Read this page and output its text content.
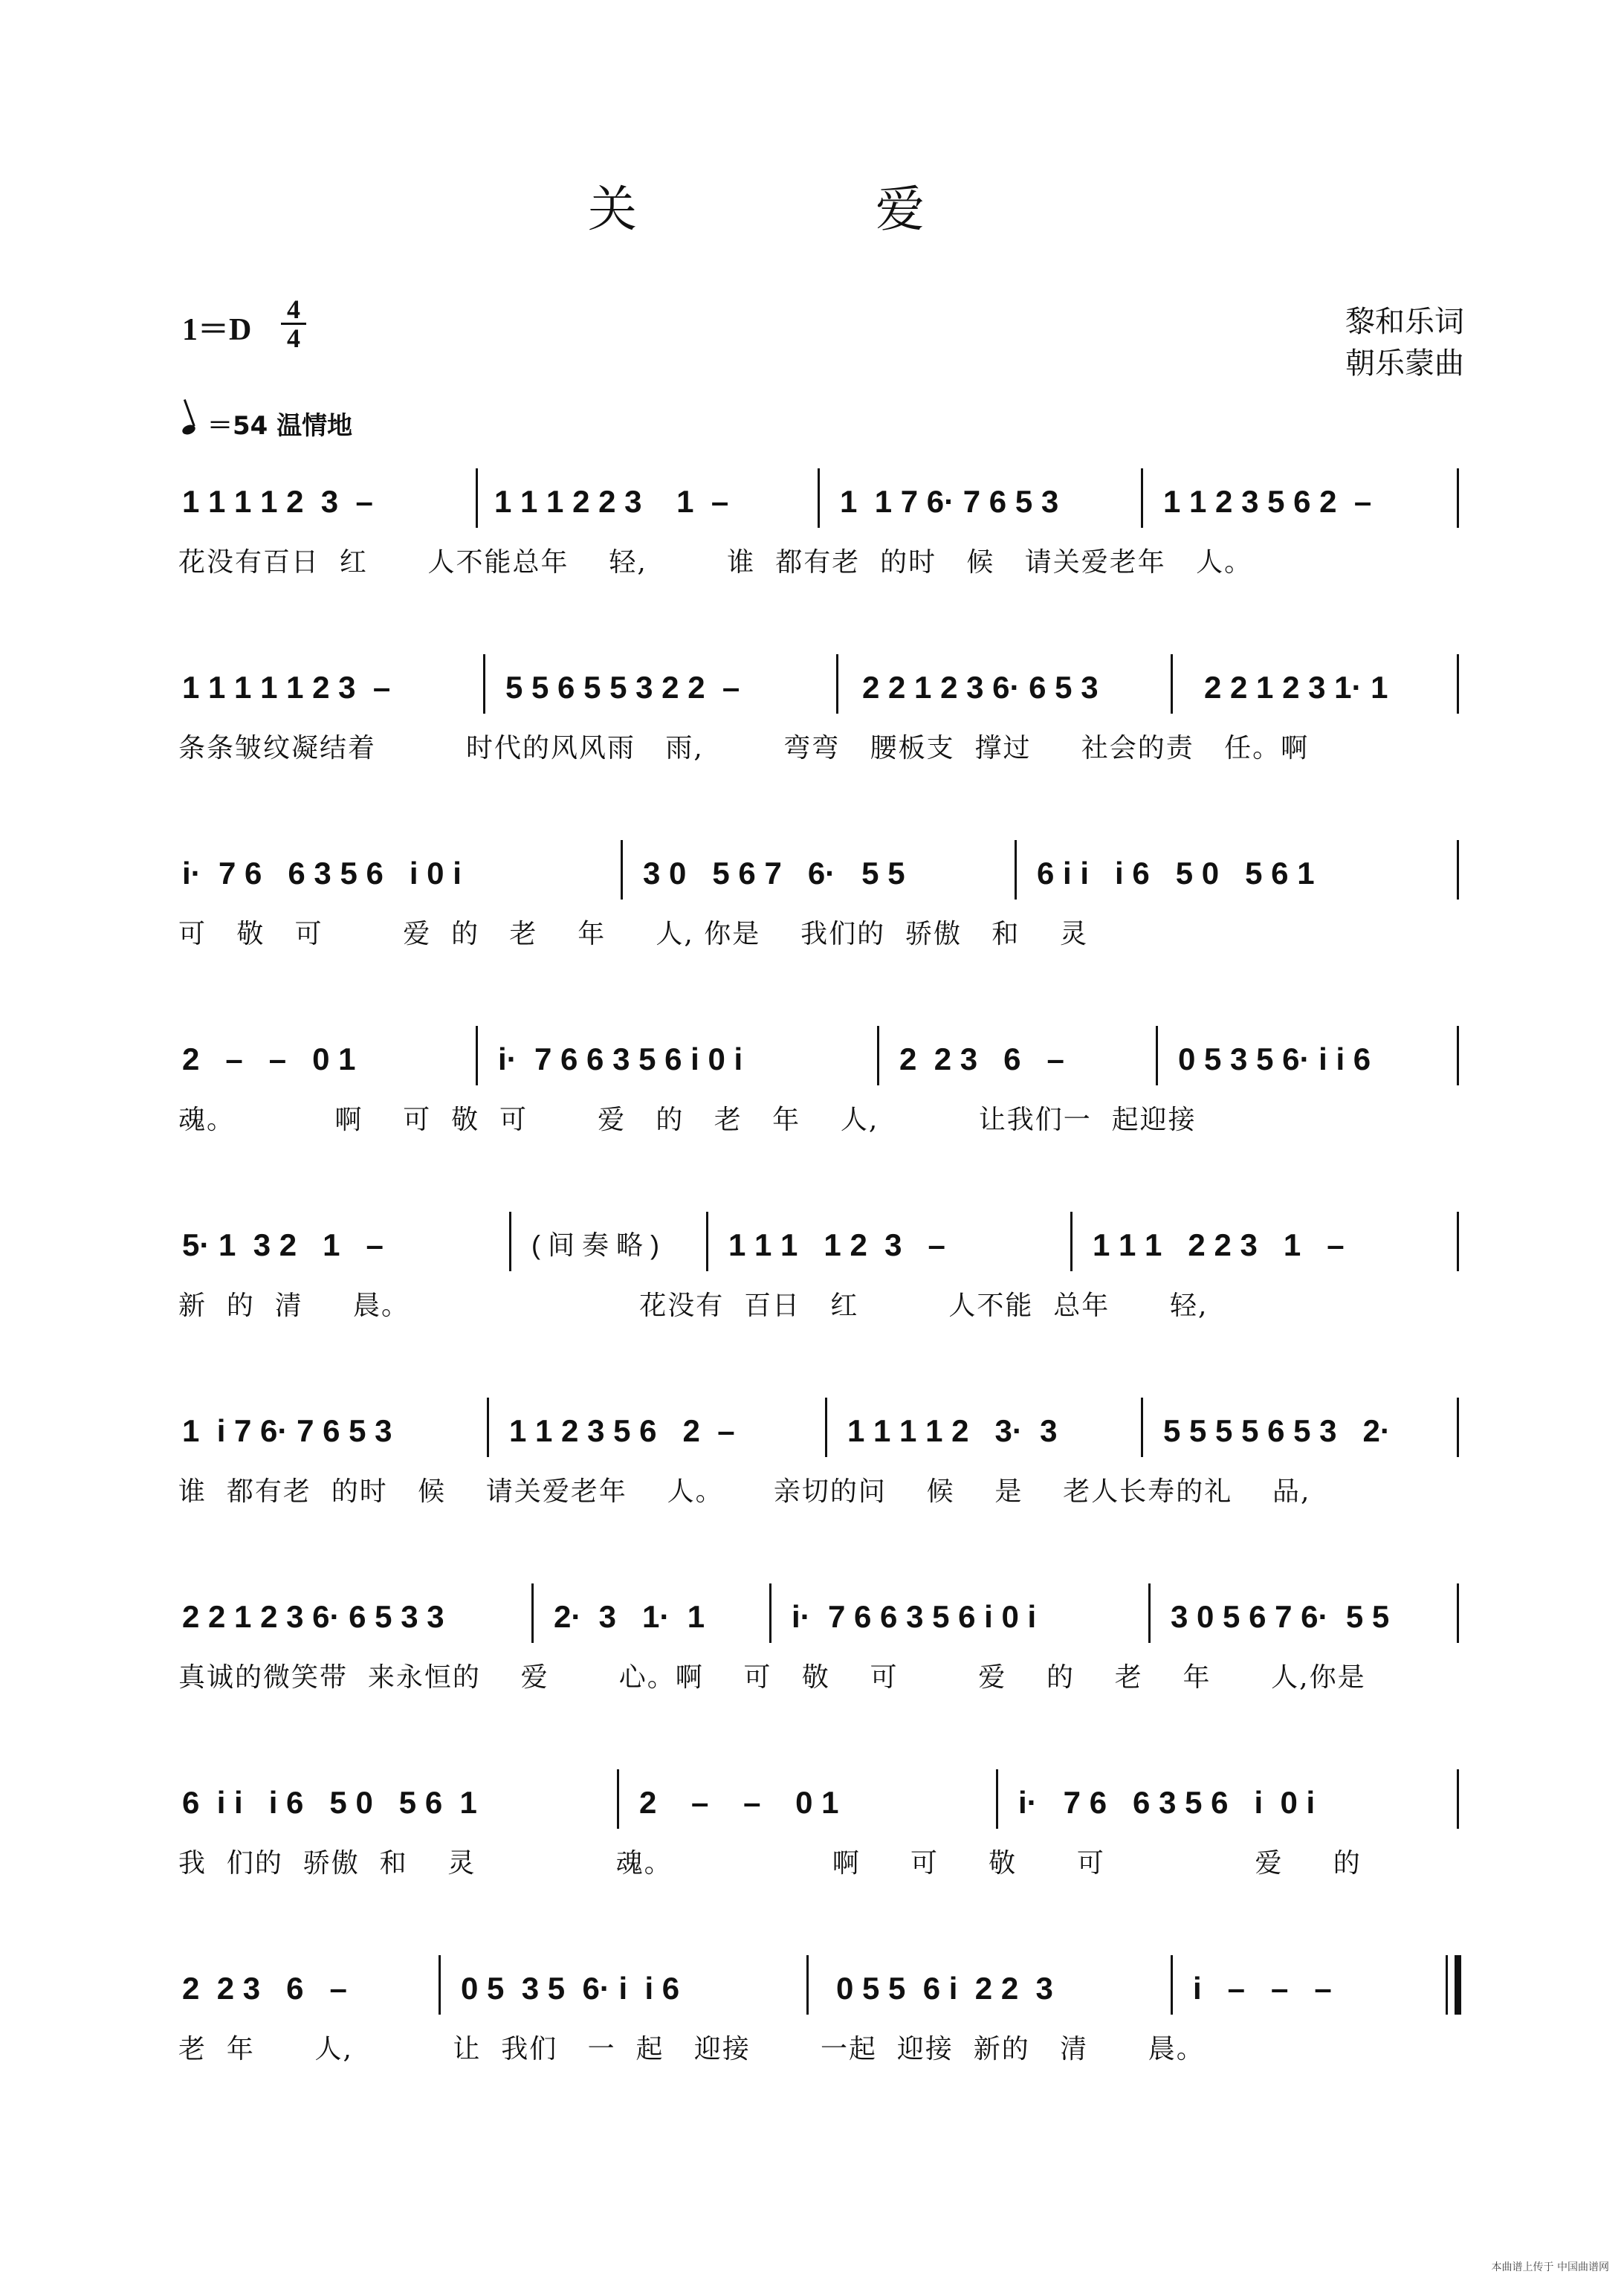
关 爱
$1=D \frac{4}{4}$	黎和乐词
朝乐蒙曲
＝54 温情地
1 1 1 1 2  3  –	1 1 1 2 2 3    1  –	1  1 7 6· 7 6 5 3	1 1 2 3 5 6 2  –
花没有百日  红      人不能总年    轻,        谁  都有老  的时   候   请关爱老年   人。
1 1 1 1 1 2 3  –	5 5 6 5 5 3 2 2  –	2 2 1 2 3 6· 6 5 3	2 2 1 2 3 1· 1
条条皱纹凝结着         时代的风风雨   雨,        弯弯   腰板支  撑过     社会的责   任。啊
i·  7 6   6 3 5 6   i 0 i	3 0   5 6 7   6·   5 5	6 i i   i 6   5 0   5 6 1
可   敬   可        爱  的   老    年     人, 你是    我们的  骄傲   和    灵
2   –   –   0 1	i·  7 6 6 3 5 6 i 0 i	2  2 3   6   –	0 5 3 5 6· i i 6
魂。          啊    可  敬  可       爱   的   老   年    人,          让我们一  起迎接
5· 1  3 2   1   –	( 间 奏 略 ) 1 1 1   1 2  3   –	1 1 1   2 2 3   1   –
新  的  清     晨。                       花没有  百日   红         人不能  总年      轻,
1  i 7 6· 7 6 5 3	1 1 2 3 5 6   2  –	1 1 1 1 2   3·  3	5 5 5 5 6 5 3   2·
谁  都有老  的时   候    请关爱老年    人。     亲切的问    候    是    老人长寿的礼    品,
2 2 1 2 3 6· 6 5 3 3	2·  3   1·  1	i·  7 6 6 3 5 6 i 0 i	3 0 5 6 7 6·  5 5
真诚的微笑带  来永恒的    爱       心。啊    可   敬    可        爱    的    老    年      人,你是
6  i i   i 6   5 0   5 6  1	2    –    –    0 1	i·   7 6   6 3 5 6   i  0 i
我  们的  骄傲  和    灵              魂。                啊     可     敬      可               爱     的
2  2 3   6   –	0 5  3 5  6· i  i 6	0 5 5  6 i  2 2  3	i   –   –   –
老  年      人,          让  我们   一  起   迎接       一起  迎接  新的   清      晨。
本曲谱上传于 中国曲谱网
